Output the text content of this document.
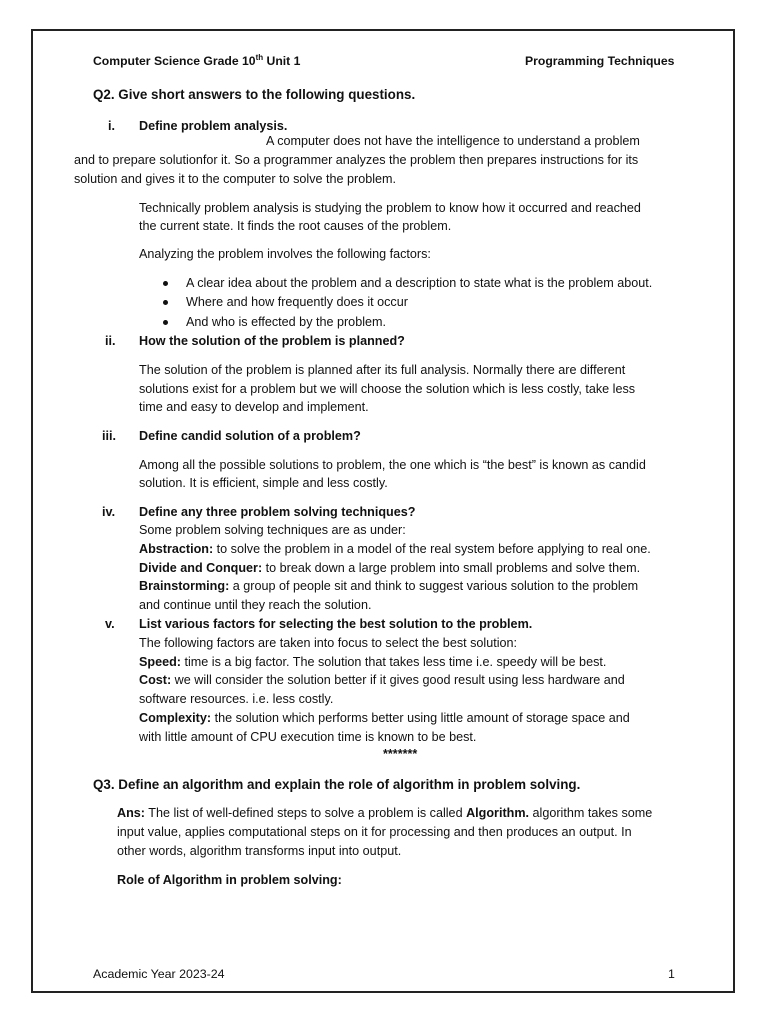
Computer Science Grade 10th Unit 1	Programming Techniques
Q2. Give short answers to the following questions.
i. Define problem analysis.
A computer does not have the intelligence to understand a problem
and to prepare solutionfor it. So a programmer analyzes the problem then prepares instructions for its
solution and gives it to the computer to solve the problem.
Technically problem analysis is studying the problem to know how it occurred and reached
the current state. It finds the root causes of the problem.
Analyzing the problem involves the following factors:
A clear idea about the problem and a description to state what is the problem about.
Where and how frequently does it occur
And who is effected by the problem.
ii. How the solution of the problem is planned?
The solution of the problem is planned after its full analysis. Normally there are different
solutions exist for a problem but we will choose the solution which is less costly, take less
time and easy to develop and implement.
iii. Define candid solution of a problem?
Among all the possible solutions to problem, the one which is “the best” is known as candid
solution. It is efficient, simple and less costly.
iv. Define any three problem solving techniques?
Some problem solving techniques are as under:
Abstraction: to solve the problem in a model of the real system before applying to real one.
Divide and Conquer: to break down a large problem into small problems and solve them.
Brainstorming: a group of people sit and think to suggest various solution to the problem
and continue until they reach the solution.
v. List various factors for selecting the best solution to the problem.
The following factors are taken into focus to select the best solution:
Speed: time is a big factor. The solution that takes less time i.e. speedy will be best.
Cost: we will consider the solution better if it gives good result using less hardware and
software resources. i.e. less costly.
Complexity: the solution which performs better using little amount of storage space and
with little amount of CPU execution time is known to be best.
*******
Q3. Define an algorithm and explain the role of algorithm in problem solving.
Ans: The list of well-defined steps to solve a problem is called Algorithm. algorithm takes some
input value, applies computational steps on it for processing and then produces an output. In
other words, algorithm transforms input into output.
Role of Algorithm in problem solving:
Academic Year 2023-24	1
